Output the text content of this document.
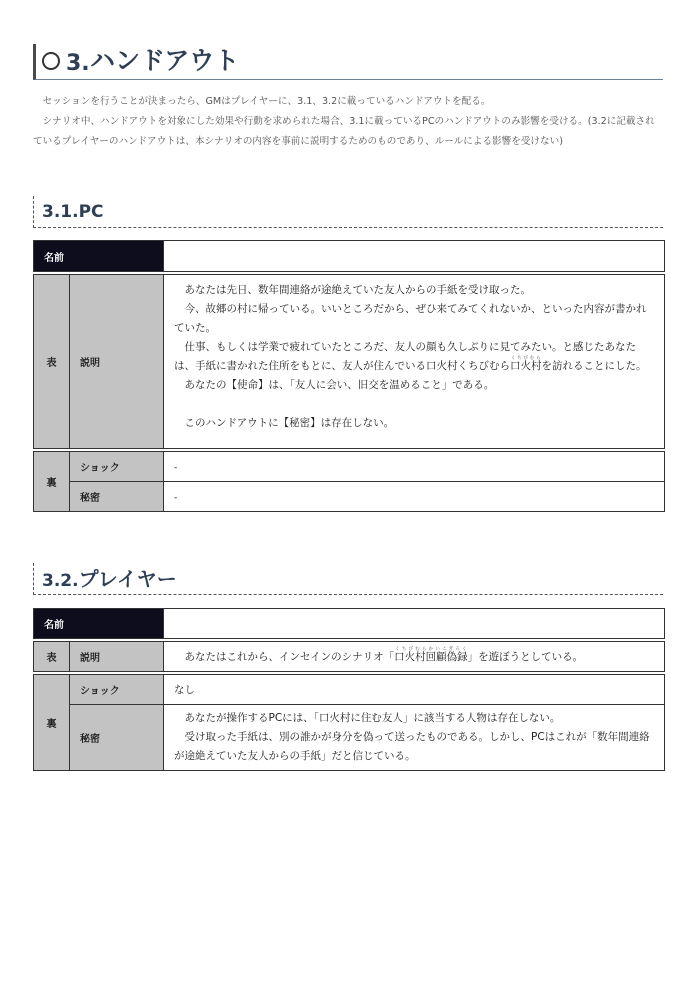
3. ハンドアウト

セッションを行うことが決まったら、GMはプレイヤーに、3.1、3.2に載っているハンドアウトを配る。

シナリオ中、ハンドアウトを対象にした効果や行動を求められた場合、3.1に載っているPCのハンドアウトのみ影響を受ける。(3.2に記載されているプレイヤーのハンドアウトは、本シナリオの内容を事前に説明するためのものであり、ルールによる影響を受けない)

3.1.PC
名前		

表	説明	あなたは先日、数年間連絡が途絶えていた友人からの手紙を受け取った。

今、故郷の村に帰っている。いいところだから、ぜひ来てみてくれないか、といった内容が書かれていた。

仕事、もしくは学業で疲れていたところだ、友人の顔も久しぶりに見てみたい。と感じたあなたは、手紙に書かれた住所をもとに、友人が住んでいる口火村くちびむら口火村くちびむらを訪れることにした。

あなたの【使命】は、「友人に会い、旧交を温めること」である。

このハンドアウトに【秘密】は存在しない。

裏	ショック	-
	秘密	-
3.2.プレイヤー
名前		

表	説明	あなたはこれから、インセインのシナリオ「口火村回顧偽録くちびむらかいこぎろく」を遊ぼうとしている。

裏	ショック	なし
	秘密	あなたが操作するPCには、「口火村に住む友人」に該当する人物は存在しない。

受け取った手紙は、別の誰かが身分を偽って送ったものである。しかし、PCはこれが「数年間連絡が途絶えていた友人からの手紙」だと信じている。
